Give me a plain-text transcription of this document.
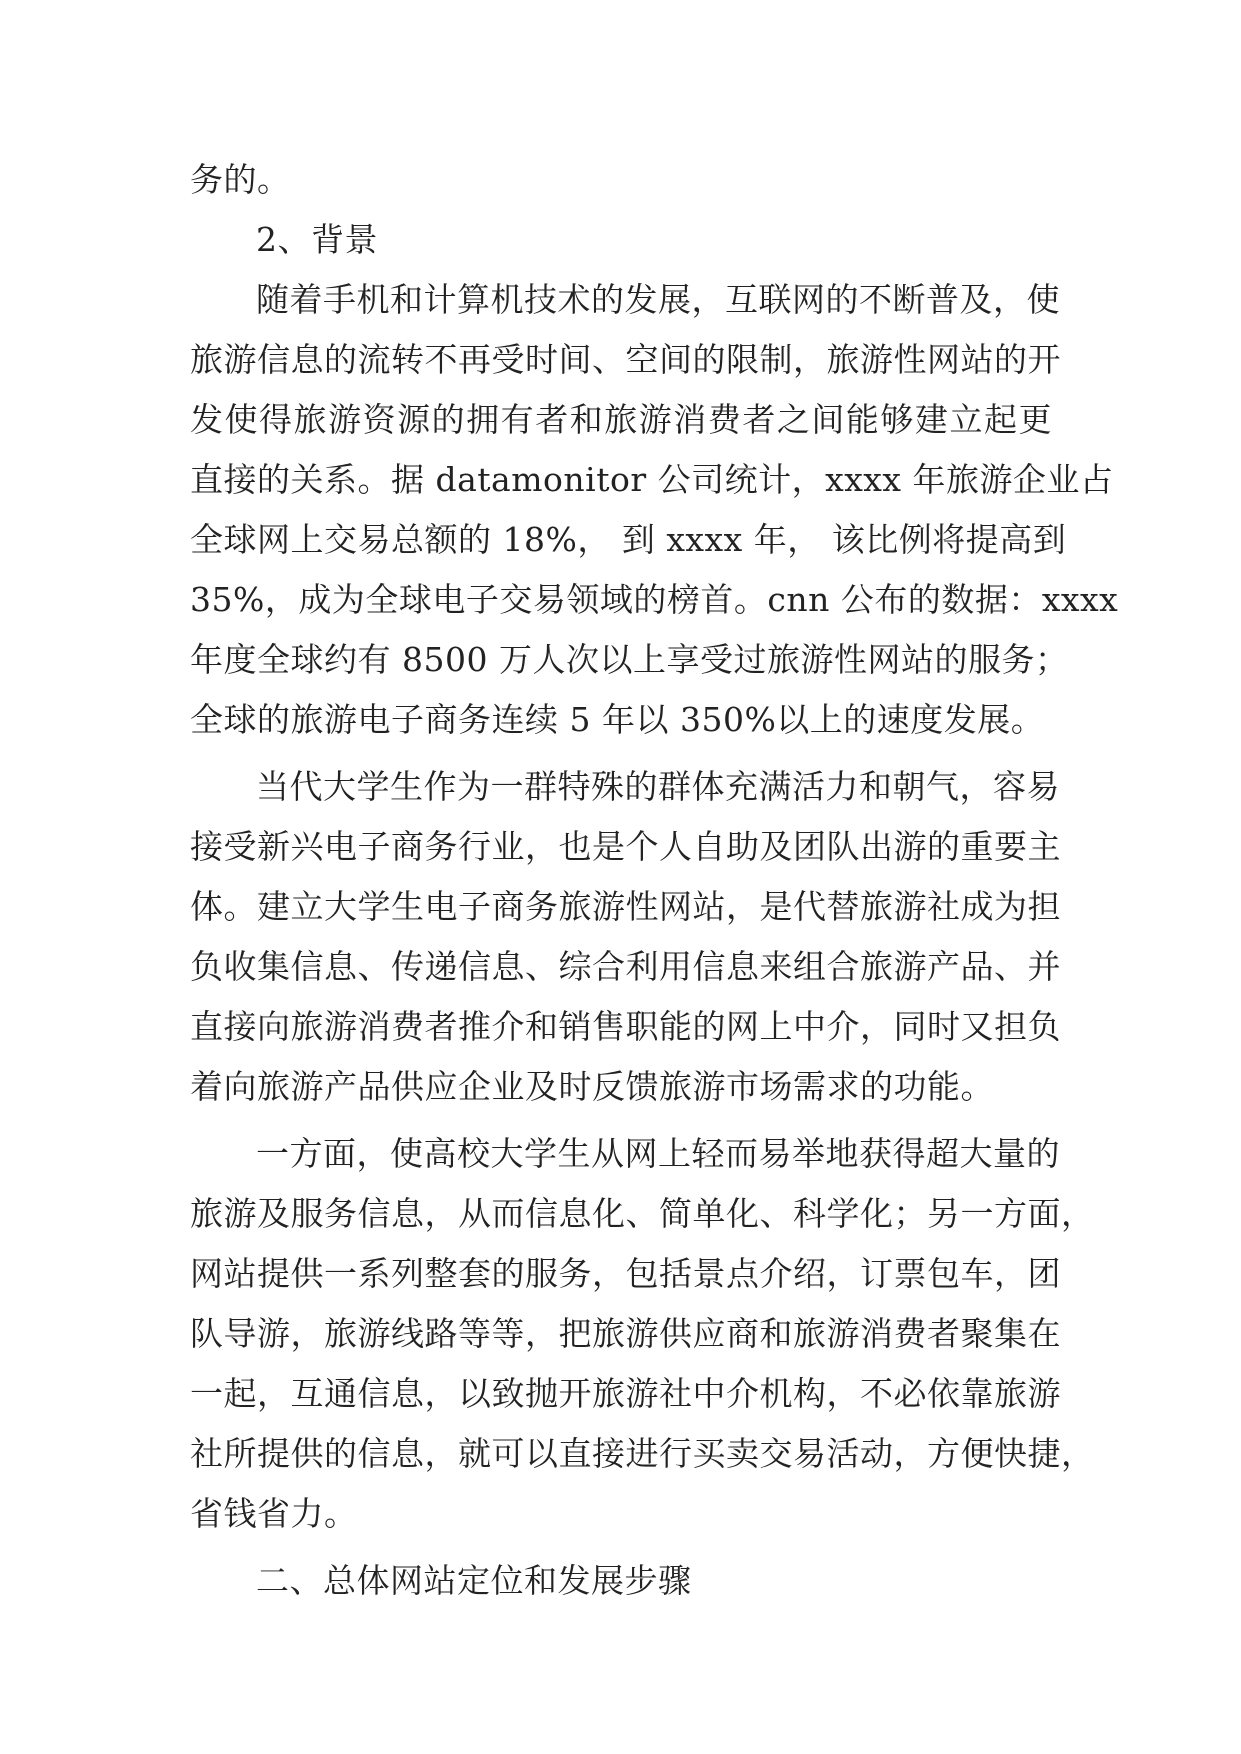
务的。
2、背景
随着手机和计算机技术的发展，互联网的不断普及，使
旅游信息的流转不再受时间、空间的限制，旅游性网站的开
发使得旅游资源的拥有者和旅游消费者之间能够建立起更
直接的关系。据 datamonitor 公司统计，xxxx 年旅游企业占
全球网上交易总额的 18%， 到 xxxx 年， 该比例将提高到
35%，成为全球电子交易领域的榜首。cnn 公布的数据：xxxx
年度全球约有 8500 万人次以上享受过旅游性网站的服务；
全球的旅游电子商务连续 5 年以 350%以上的速度发展。
当代大学生作为一群特殊的群体充满活力和朝气，容易
接受新兴电子商务行业，也是个人自助及团队出游的重要主
体。建立大学生电子商务旅游性网站，是代替旅游社成为担
负收集信息、传递信息、综合利用信息来组合旅游产品、并
直接向旅游消费者推介和销售职能的网上中介，同时又担负
着向旅游产品供应企业及时反馈旅游市场需求的功能。
一方面，使高校大学生从网上轻而易举地获得超大量的
旅游及服务信息，从而信息化、简单化、科学化；另一方面，
网站提供一系列整套的服务，包括景点介绍，订票包车，团
队导游，旅游线路等等，把旅游供应商和旅游消费者聚集在
一起，互通信息，以致抛开旅游社中介机构，不必依靠旅游
社所提供的信息，就可以直接进行买卖交易活动，方便快捷，
省钱省力。
二、总体网站定位和发展步骤
